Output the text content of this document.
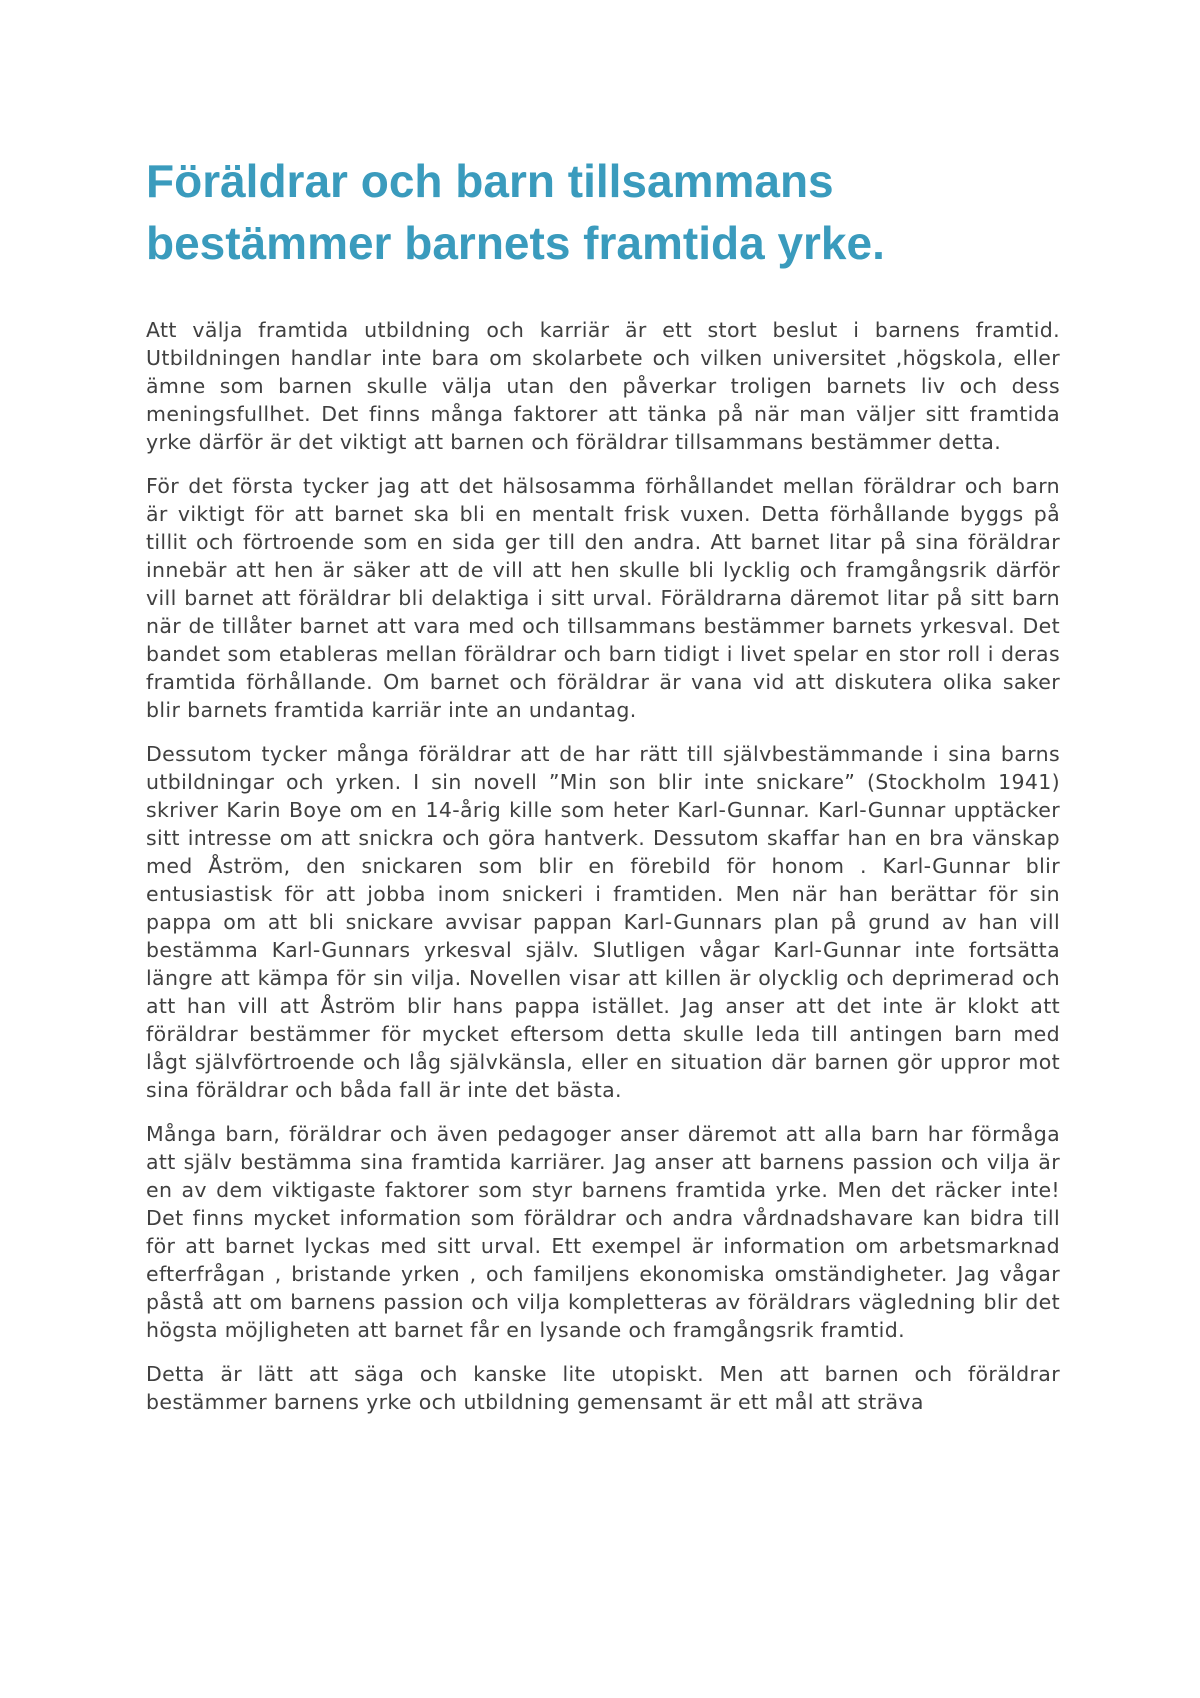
Föräldrar och barn tillsammans
bestämmer barnets framtida yrke.

Att välja framtida utbildning och karriär är ett stort beslut i barnens framtid. Utbildningen handlar inte bara om skolarbete och vilken universitet ,högskola, eller ämne som barnen skulle välja utan den påverkar troligen barnets liv och dess meningsfullhet. Det finns många faktorer att tänka på när man väljer sitt framtida yrke därför är det viktigt att barnen och föräldrar tillsammans bestämmer detta.

För det första tycker jag att det hälsosamma förhållandet mellan föräldrar och barn är viktigt för att barnet ska bli en mentalt frisk vuxen. Detta förhållande byggs på tillit och förtroende som en sida ger till den andra. Att barnet litar på sina föräldrar innebär att hen är säker att de vill att hen skulle bli lycklig och framgångsrik därför vill barnet att föräldrar bli delaktiga i sitt urval. Föräldrarna däremot litar på sitt barn när de tillåter barnet att vara med och tillsammans bestämmer barnets yrkesval. Det bandet som etableras mellan föräldrar och barn tidigt i livet spelar en stor roll i deras framtida förhållande. Om barnet och föräldrar är vana vid att diskutera olika saker blir barnets framtida karriär inte an undantag.

Dessutom tycker många föräldrar att de har rätt till självbestämmande i sina barns utbildningar och yrken. I sin novell ”Min son blir inte snickare” (Stockholm 1941) skriver Karin Boye om en 14-årig kille som heter Karl-Gunnar. Karl-Gunnar upptäcker sitt intresse om att snickra och göra hantverk. Dessutom skaffar han en bra vänskap med Åström, den snickaren som blir en förebild för honom . Karl-Gunnar blir entusiastisk för att jobba inom snickeri i framtiden. Men när han berättar för sin pappa om att bli snickare avvisar pappan Karl-Gunnars plan på grund av han vill bestämma Karl-Gunnars yrkesval själv. Slutligen vågar Karl-Gunnar inte fortsätta längre att kämpa för sin vilja. Novellen visar att killen är olycklig och deprimerad och att han vill att Åström blir hans pappa istället. Jag anser att det inte är klokt att föräldrar bestämmer för mycket eftersom detta skulle leda till antingen barn med lågt självförtroende och låg självkänsla, eller en situation där barnen gör uppror mot sina föräldrar och båda fall är inte det bästa.

Många barn, föräldrar och även pedagoger anser däremot att alla barn har förmåga att själv bestämma sina framtida karriärer. Jag anser att barnens passion och vilja är en av dem viktigaste faktorer som styr barnens framtida yrke. Men det räcker inte! Det finns mycket information som föräldrar och andra vårdnadshavare kan bidra till för att barnet lyckas med sitt urval. Ett exempel är information om arbetsmarknad efterfrågan , bristande yrken , och familjens ekonomiska omständigheter. Jag vågar påstå att om barnens passion och vilja kompletteras av föräldrars vägledning blir det högsta möjligheten att barnet får en lysande och framgångsrik framtid.

Detta är lätt att säga och kanske lite utopiskt. Men att barnen och föräldrar bestämmer barnens yrke och utbildning gemensamt är ett mål att sträva
